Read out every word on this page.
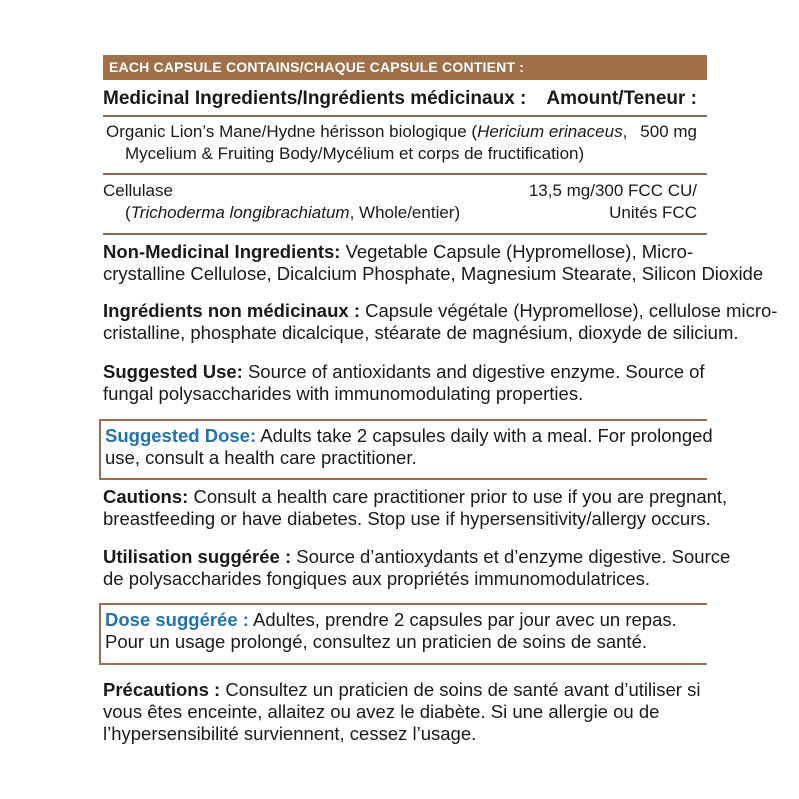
EACH CAPSULE CONTAINS/CHAQUE CAPSULE CONTIENT :
Medicinal Ingredients/Ingrédients médicinaux : Amount/Teneur :
Organic Lion’s Mane/Hydne hérisson biologique (Hericium erinaceus, 500 mg
Mycelium & Fruiting Body/Mycélium et corps de fructification)
Cellulase	13,5 mg/300 FCC CU/
(Trichoderma longibrachiatum, Whole/entier)	Unités FCC
Non-Medicinal Ingredients: Vegetable Capsule (Hypromellose), Micro-
crystalline Cellulose, Dicalcium Phosphate, Magnesium Stearate, Silicon Dioxide
Ingrédients non médicinaux : Capsule végétale (Hypromellose), cellulose micro-
cristalline, phosphate dicalcique, stéarate de magnésium, dioxyde de silicium.
Suggested Use: Source of antioxidants and digestive enzyme. Source of
fungal polysaccharides with immunomodulating properties.
Suggested Dose: Adults take 2 capsules daily with a meal. For prolonged
use, consult a health care practitioner.
Cautions: Consult a health care practitioner prior to use if you are pregnant,
breastfeeding or have diabetes. Stop use if hypersensitivity/allergy occurs.
Utilisation suggérée : Source d’antioxydants et d’enzyme digestive. Source
de polysaccharides fongiques aux propriétés immunomodulatrices.
Dose suggérée : Adultes, prendre 2 capsules par jour avec un repas.
Pour un usage prolongé, consultez un praticien de soins de santé.
Précautions : Consultez un praticien de soins de santé avant d’utiliser si
vous êtes enceinte, allaitez ou avez le diabète. Si une allergie ou de
l’hypersensibilité surviennent, cessez l’usage.
